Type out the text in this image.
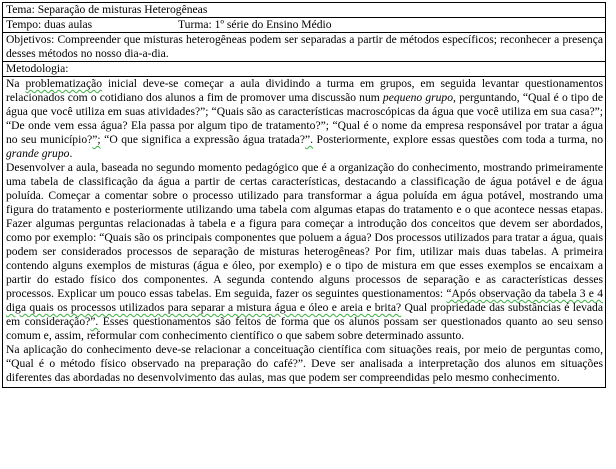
Tema: Separação de misturas Heterogêneas
Tempo: duas aulas	Turma: 1º série do Ensino Médio
Objetivos: Compreender que misturas heterogêneas podem ser separadas a partir de métodos específicos; reconhecer a presença desses métodos no nosso dia-a-dia.
Metodologia:

Na problematização inicial deve-se começar a aula dividindo a turma em grupos, em seguida levantar questionamentos relacionados com o cotidiano dos alunos a fim de promover uma discussão num pequeno grupo, perguntando, “Qual é o tipo de água que você utiliza em suas atividades?”; “Quais são as características macroscópicas da água que você utiliza em sua casa?”; “De onde vem essa água? Ela passa por algum tipo de tratamento?”; “Qual é o nome da empresa responsável por tratar a água no seu município?”; “O que significa a expressão água tratada?”. Posteriormente, explore essas questões com toda a turma, no grande grupo.

Desenvolver a aula, baseada no segundo momento pedagógico que é a organização do conhecimento, mostrando primeiramente uma tabela de classificação da água a partir de certas características, destacando a classificação de água potável e de água poluída. Começar a comentar sobre o processo utilizado para transformar a água poluída em água potável, mostrando uma figura do tratamento e posteriormente utilizando uma tabela com algumas etapas do tratamento e o que acontece nessas etapas. Fazer algumas perguntas relacionadas à tabela e a figura para começar a introdução dos conceitos que devem ser abordados, como por exemplo: “Quais são os principais componentes que poluem a água? Dos processos utilizados para tratar a água, quais podem ser considerados processos de separação de misturas heterogêneas? Por fim, utilizar mais duas tabelas. A primeira contendo alguns exemplos de misturas (água e óleo, por exemplo) e o tipo de mistura em que esses exemplos se encaixam a partir do estado físico dos componentes. A segunda contendo alguns processos de separação e as características desses processos. Explicar um pouco essas tabelas. Em seguida, fazer os seguintes questionamentos: “Após observação da tabela 3 e 4 diga quais os processos utilizados para separar a mistura água e óleo e areia e brita? Qual propriedade das substâncias é levada em consideração?”. Esses questionamentos são feitos de forma que os alunos possam ser questionados quanto ao seu senso comum e, assim, reformular com conhecimento científico o que sabem sobre determinado assunto.

Na aplicação do conhecimento deve-se relacionar a conceituação científica com situações reais, por meio de perguntas como, “Qual é o método físico observado na preparação do café?”. Deve ser analisada a interpretação dos alunos em situações diferentes das abordadas no desenvolvimento das aulas, mas que podem ser compreendidas pelo mesmo conhecimento.
